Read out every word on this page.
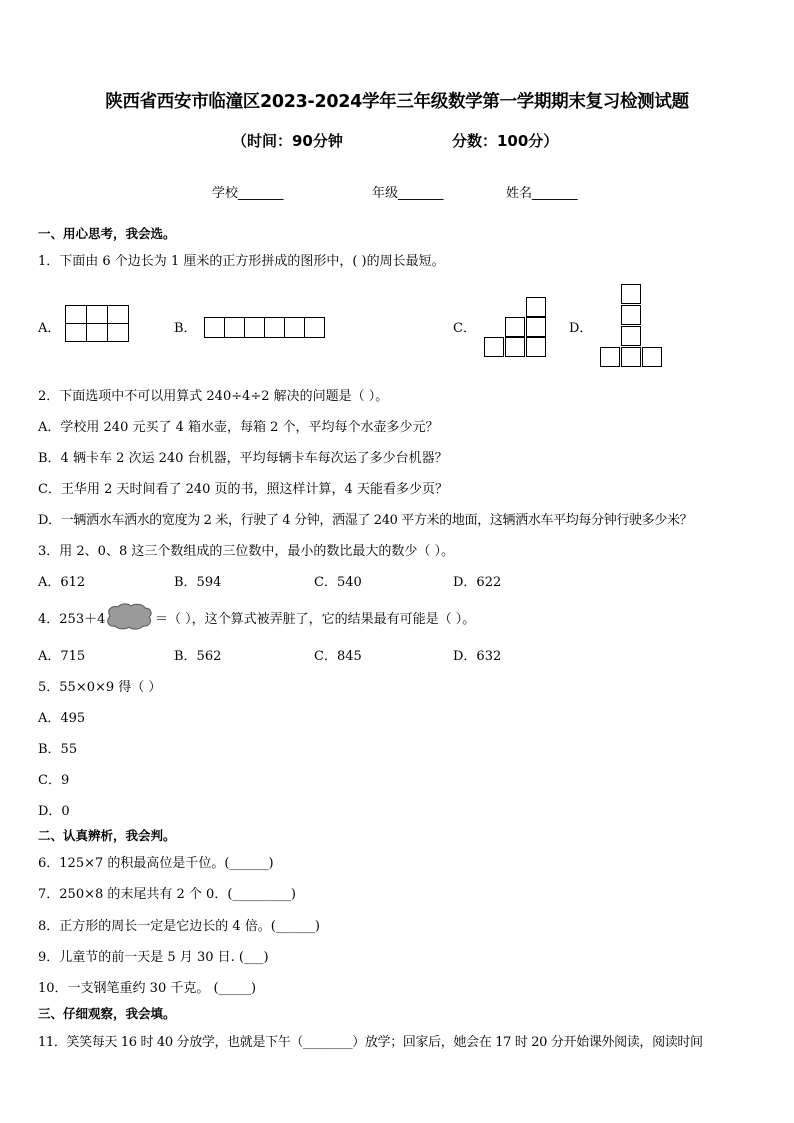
陕西省西安市临潼区2023-2024学年三年级数学第一学期期末复习检测试题
（时间：90分钟	分数：100分）
学校_______	年级_______	姓名_______
一、用心思考，我会选。
1．下面由 6 个边长为 1 厘米的正方形拼成的图形中，( )的周长最短。
A．	B．	C．	D．
2．下面选项中不可以用算式 240÷4÷2 解决的问题是（ ）。
A．学校用 240 元买了 4 箱水壶，每箱 2 个，平均每个水壶多少元？
B．4 辆卡车 2 次运 240 台机器，平均每辆卡车每次运了多少台机器？
C．王华用 2 天时间看了 240 页的书，照这样计算，4 天能看多少页？
D．一辆洒水车洒水的宽度为 2 米，行驶了 4 分钟，洒湿了 240 平方米的地面，这辆洒水车平均每分钟行驶多少米？
3．用 2、0、8 这三个数组成的三位数中，最小的数比最大的数少（ ）。
A．612	B．594	C．540	D．622
4．253＋4	＝（ ），这个算式被弄脏了，它的结果最有可能是（ ）。
A．715	B．562	C．845	D．632
5．55×0×9 得（ ）
A．495
B．55
C．9
D．0
二、认真辨析，我会判。
6．125×7 的积最高位是千位。(______)
7．250×8 的末尾共有 2 个 0．(_________)
8．正方形的周长一定是它边长的 4 倍。(______)
9．儿童节的前一天是 5 月 30 日. (___)
10．一支钢笔重约 30 千克。 (_____)
三、仔细观察，我会填。
11．笑笑每天 16 时 40 分放学，也就是下午（________）放学；回家后，她会在 17 时 20 分开始课外阅读，阅读时间
